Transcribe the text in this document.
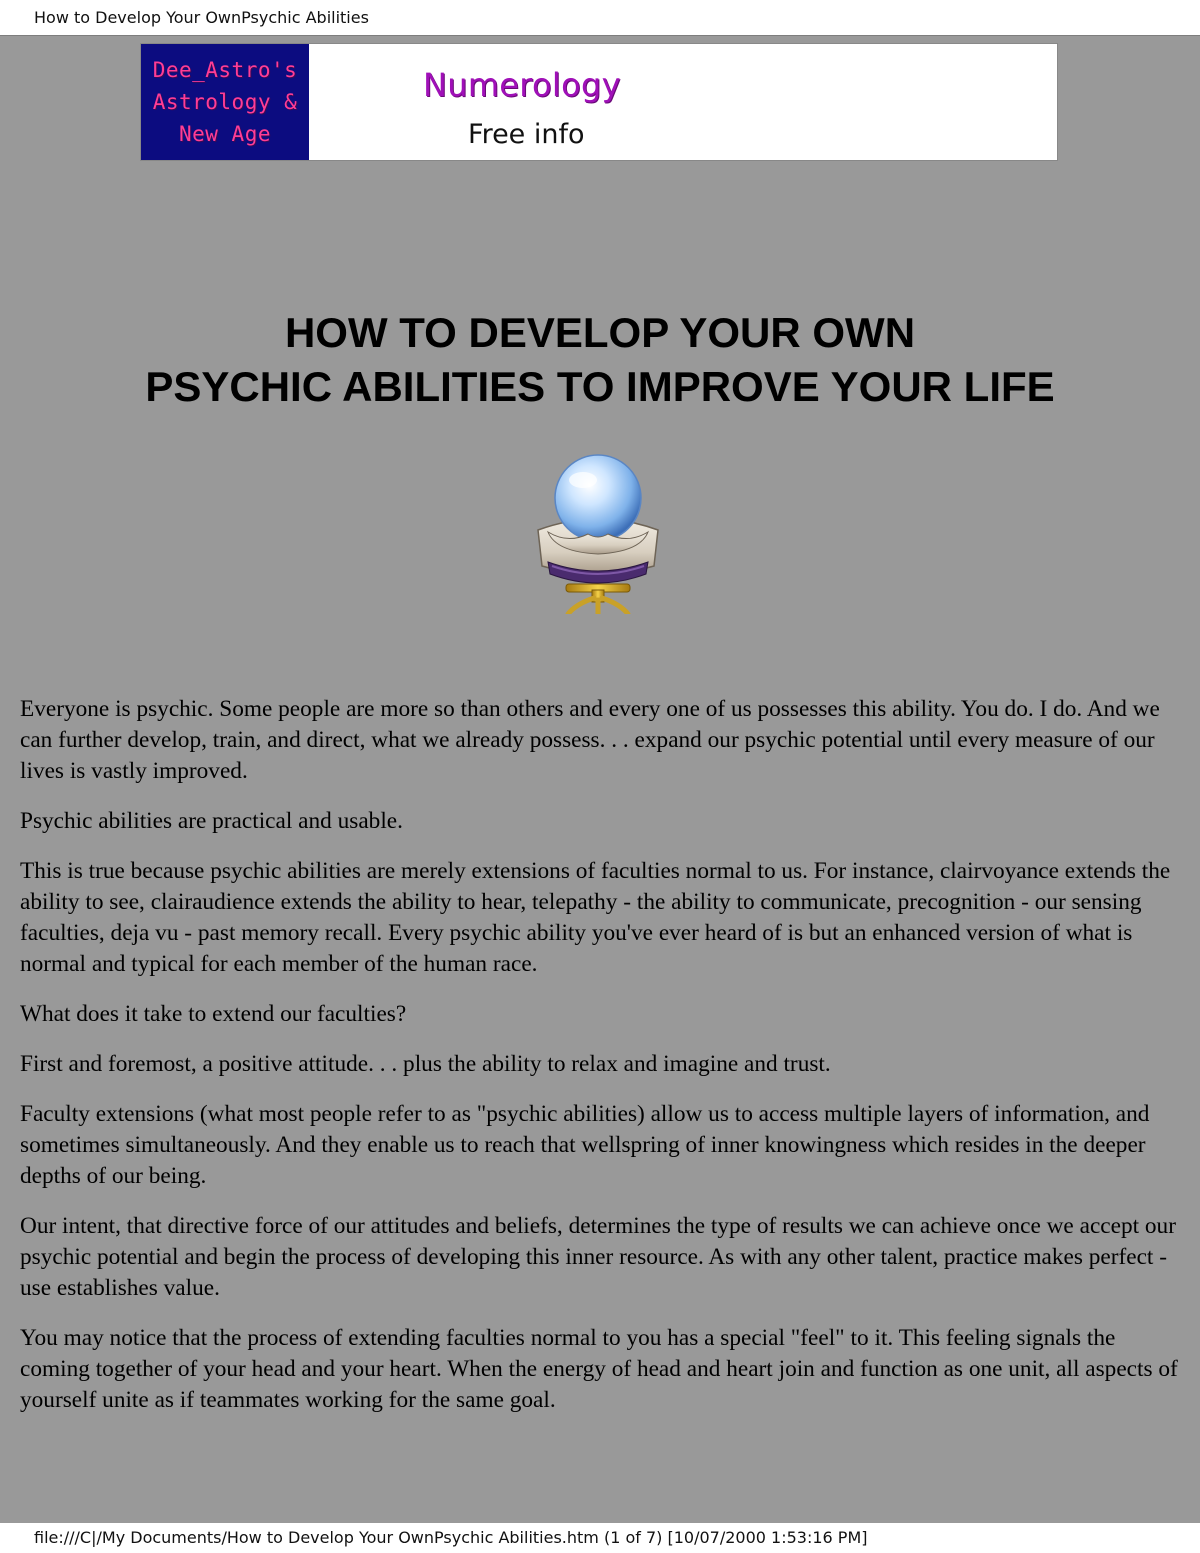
How to Develop Your OwnPsychic Abilities
Dee_Astro's
Astrology &
New Age
Numerology
Free info
HOW TO DEVELOP YOUR OWN
PSYCHIC ABILITIES TO IMPROVE YOUR LIFE

Everyone is psychic. Some people are more so than others and every one of us possesses this ability. You do. I do. And we can further develop, train, and direct, what we already possess. . . expand our psychic potential until every measure of our lives is vastly improved.

Psychic abilities are practical and usable.

This is true because psychic abilities are merely extensions of faculties normal to us. For instance, clairvoyance extends the ability to see, clairaudience extends the ability to hear, telepathy - the ability to communicate, precognition - our sensing faculties, deja vu - past memory recall. Every psychic ability you've ever heard of is but an enhanced version of what is normal and typical for each member of the human race.

What does it take to extend our faculties?

First and foremost, a positive attitude. . . plus the ability to relax and imagine and trust.

Faculty extensions (what most people refer to as "psychic abilities) allow us to access multiple layers of information, and sometimes simultaneously. And they enable us to reach that wellspring of inner knowingness which resides in the deeper depths of our being.

Our intent, that directive force of our attitudes and beliefs, determines the type of results we can achieve once we accept our psychic potential and begin the process of developing this inner resource. As with any other talent, practice makes perfect - use establishes value.

You may notice that the process of extending faculties normal to you has a special "feel" to it. This feeling signals the coming together of your head and your heart. When the energy of head and heart join and function as one unit, all aspects of yourself unite as if teammates working for the same goal.

file:///C|/My Documents/How to Develop Your OwnPsychic Abilities.htm (1 of 7) [10/07/2000 1:53:16 PM]
